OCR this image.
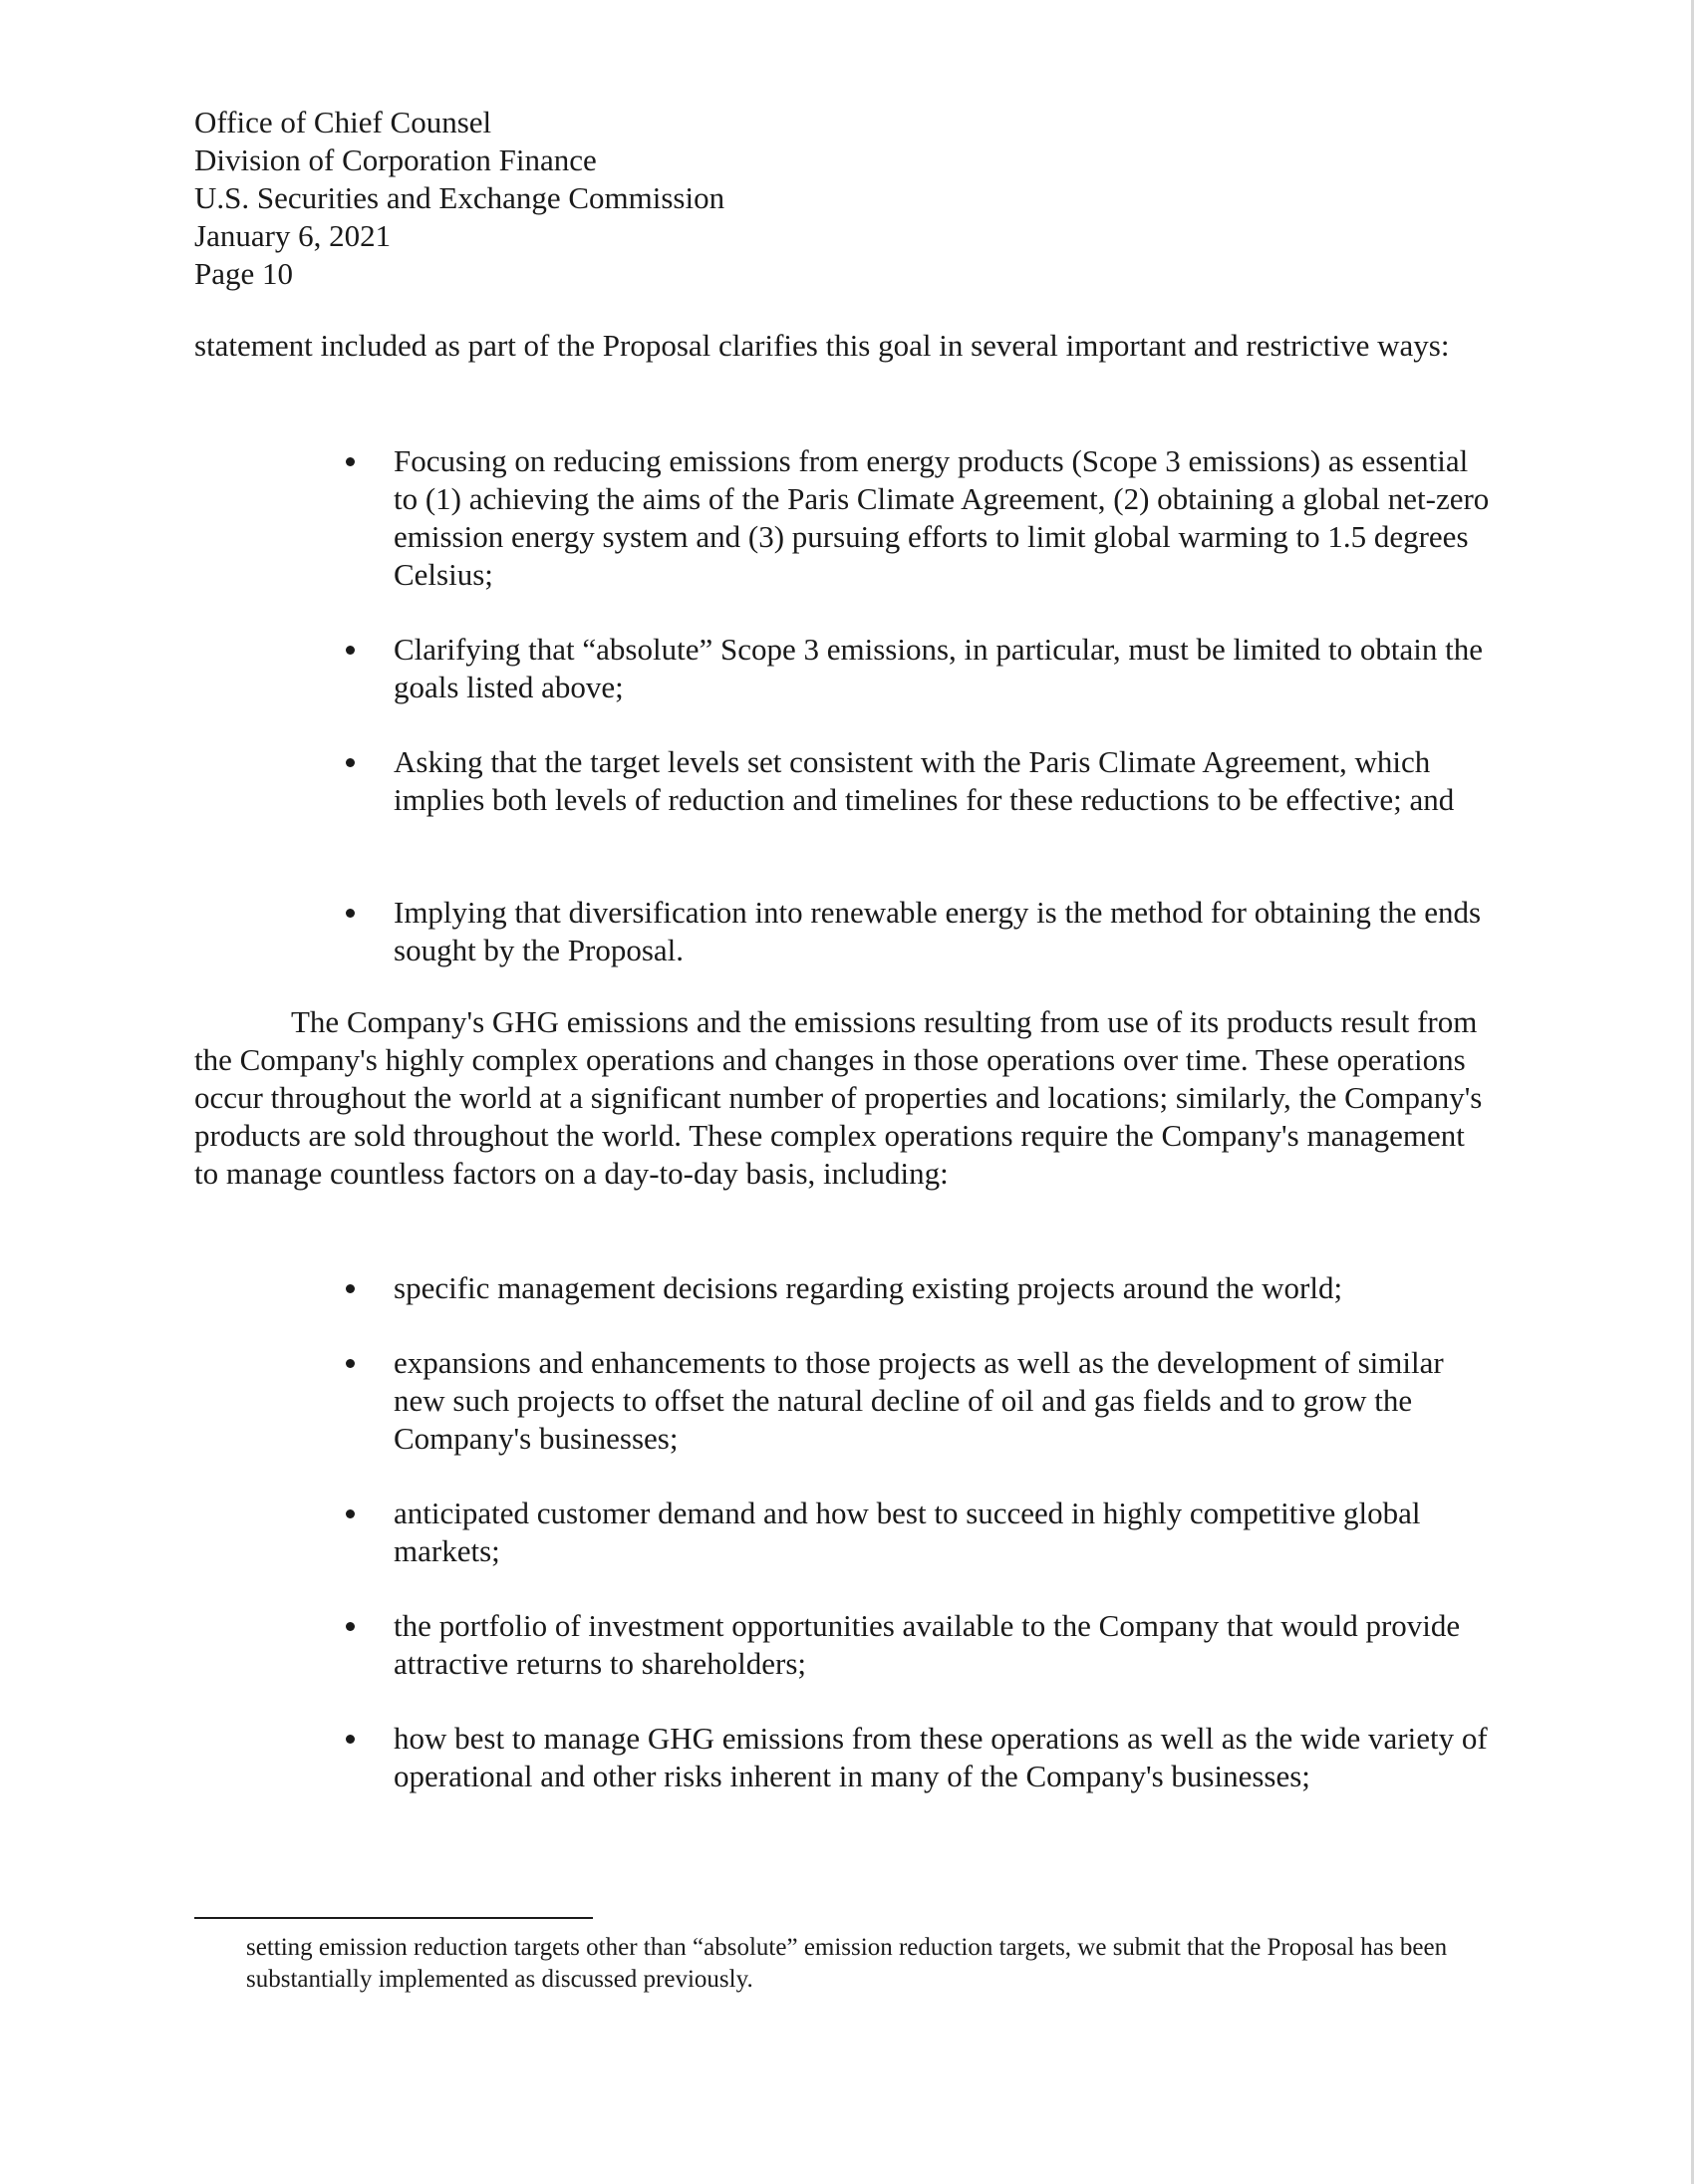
Office of Chief Counsel
Division of Corporation Finance
U.S. Securities and Exchange Commission
January 6, 2021
Page 10

statement included as part of the Proposal clarifies this goal in several important and restrictive ways:

Focusing on reducing emissions from energy products (Scope 3 emissions) as essential to (1) achieving the aims of the Paris Climate Agreement, (2) obtaining a global net-zero emission energy system and (3) pursuing efforts to limit global warming to 1.5 degrees Celsius;
Clarifying that “absolute” Scope 3 emissions, in particular, must be limited to obtain the goals listed above;
Asking that the target levels set consistent with the Paris Climate Agreement, which implies both levels of reduction and timelines for these reductions to be effective; and
Implying that diversification into renewable energy is the method for obtaining the ends sought by the Proposal.

The Company's GHG emissions and the emissions resulting from use of its products result from the Company's highly complex operations and changes in those operations over time. These operations occur throughout the world at a significant number of properties and locations; similarly, the Company's products are sold throughout the world. These complex operations require the Company's management to manage countless factors on a day-to-day basis, including:

specific management decisions regarding existing projects around the world;
expansions and enhancements to those projects as well as the development of similar new such projects to offset the natural decline of oil and gas fields and to grow the Company's businesses;
anticipated customer demand and how best to succeed in highly competitive global markets;
the portfolio of investment opportunities available to the Company that would provide attractive returns to shareholders;
how best to manage GHG emissions from these operations as well as the wide variety of operational and other risks inherent in many of the Company's businesses;

setting emission reduction targets other than “absolute” emission reduction targets, we submit that the Proposal has been substantially implemented as discussed previously.
